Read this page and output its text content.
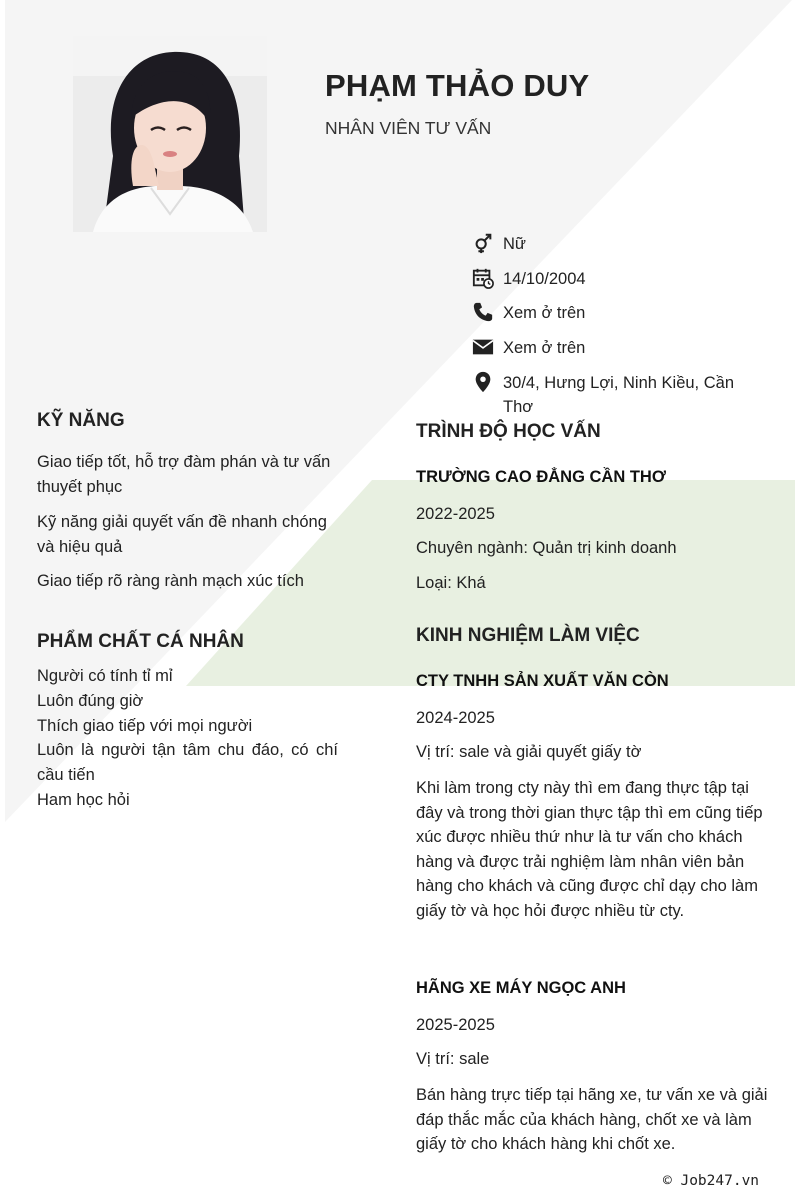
PHẠM THẢO DUY
NHÂN VIÊN TƯ VẤN
Nữ
14/10/2004
Xem ở trên
Xem ở trên
30/4, Hưng Lợi, Ninh Kiều, Cần Thơ
KỸ NĂNG
Giao tiếp tốt, hỗ trợ đàm phán và tư vấn thuyết phục
Kỹ năng giải quyết vấn đề nhanh chóng và hiệu quả
Giao tiếp rõ ràng rành mạch xúc tích
PHẨM CHẤT CÁ NHÂN
Người có tính tỉ mỉ
Luôn đúng giờ
Thích giao tiếp với mọi người
Luôn là người tận tâm chu đáo, có chí cầu tiến
Ham học hỏi
TRÌNH ĐỘ HỌC VẤN
TRƯỜNG CAO ĐẲNG CẦN THƠ
2022-2025
Chuyên ngành: Quản trị kinh doanh
Loại: Khá
KINH NGHIỆM LÀM VIỆC
CTY TNHH SẢN XUẤT VĂN CÒN
2024-2025
Vị trí: sale và giải quyết giấy tờ
Khi làm trong cty này thì em đang thực tập tại đây và trong thời gian thực tập thì em cũng tiếp xúc được nhiều thứ như là tư vấn cho khách hàng và được trải nghiệm làm nhân viên bản hàng cho khách và cũng được chỉ dạy cho làm giấy tờ và học hỏi được nhiều từ cty.
HÃNG XE MÁY NGỌC ANH
2025-2025
Vị trí: sale
Bán hàng trực tiếp tại hãng xe, tư vấn xe và giải đáp thắc mắc của khách hàng, chốt xe và làm giấy tờ cho khách hàng khi chốt xe.
© Job247.vn
